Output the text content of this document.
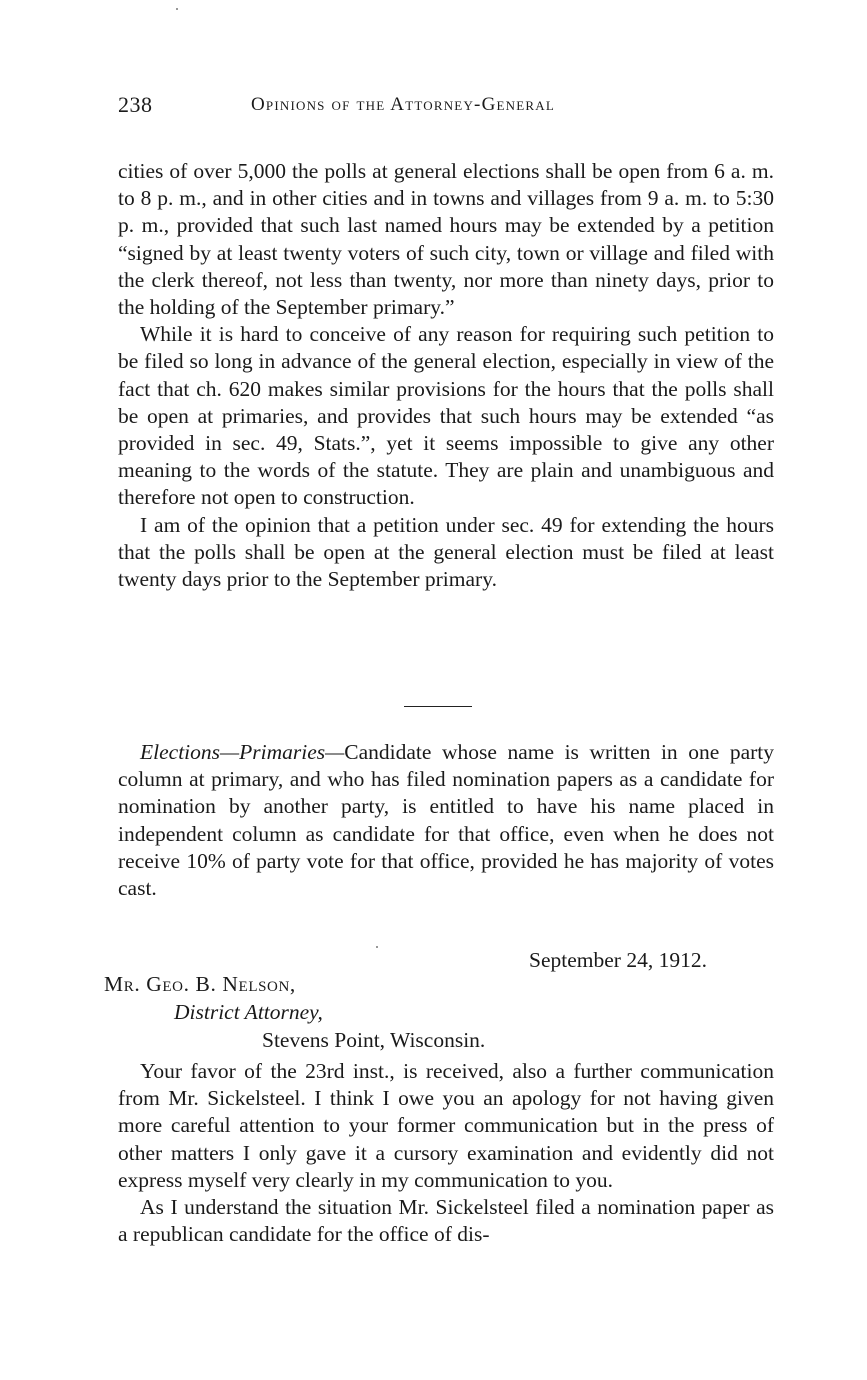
238	Opinions of the Attorney-General

cities of over 5,000 the polls at general elections shall be open from 6 a. m. to 8 p. m., and in other cities and in towns and villages from 9 a. m. to 5:30 p. m., provided that such last named hours may be extended by a petition “signed by at least twenty voters of such city, town or village and filed with the clerk thereof, not less than twenty, nor more than ninety days, prior to the holding of the September primary.”

While it is hard to conceive of any reason for requiring such petition to be filed so long in advance of the general election, especially in view of the fact that ch. 620 makes similar provisions for the hours that the polls shall be open at primaries, and provides that such hours may be extended “as provided in sec. 49, Stats.”, yet it seems impossible to give any other meaning to the words of the statute. They are plain and unambiguous and therefore not open to construction.

I am of the opinion that a petition under sec. 49 for extending the hours that the polls shall be open at the general election must be filed at least twenty days prior to the September primary.

Elections—Primaries—Candidate whose name is written in one party column at primary, and who has filed nomination papers as a candidate for nomination by another party, is entitled to have his name placed in independent column as candidate for that office, even when he does not receive 10% of party vote for that office, provided he has majority of votes cast.

September 24, 1912.
Mr. Geo. B. Nelson,
District Attorney,
Stevens Point, Wisconsin.

Your favor of the 23rd inst., is received, also a further communication from Mr. Sickelsteel. I think I owe you an apology for not having given more careful attention to your former communication but in the press of other matters I only gave it a cursory examination and evidently did not express myself very clearly in my communication to you.

As I understand the situation Mr. Sickelsteel filed a nomination paper as a republican candidate for the office of dis-
